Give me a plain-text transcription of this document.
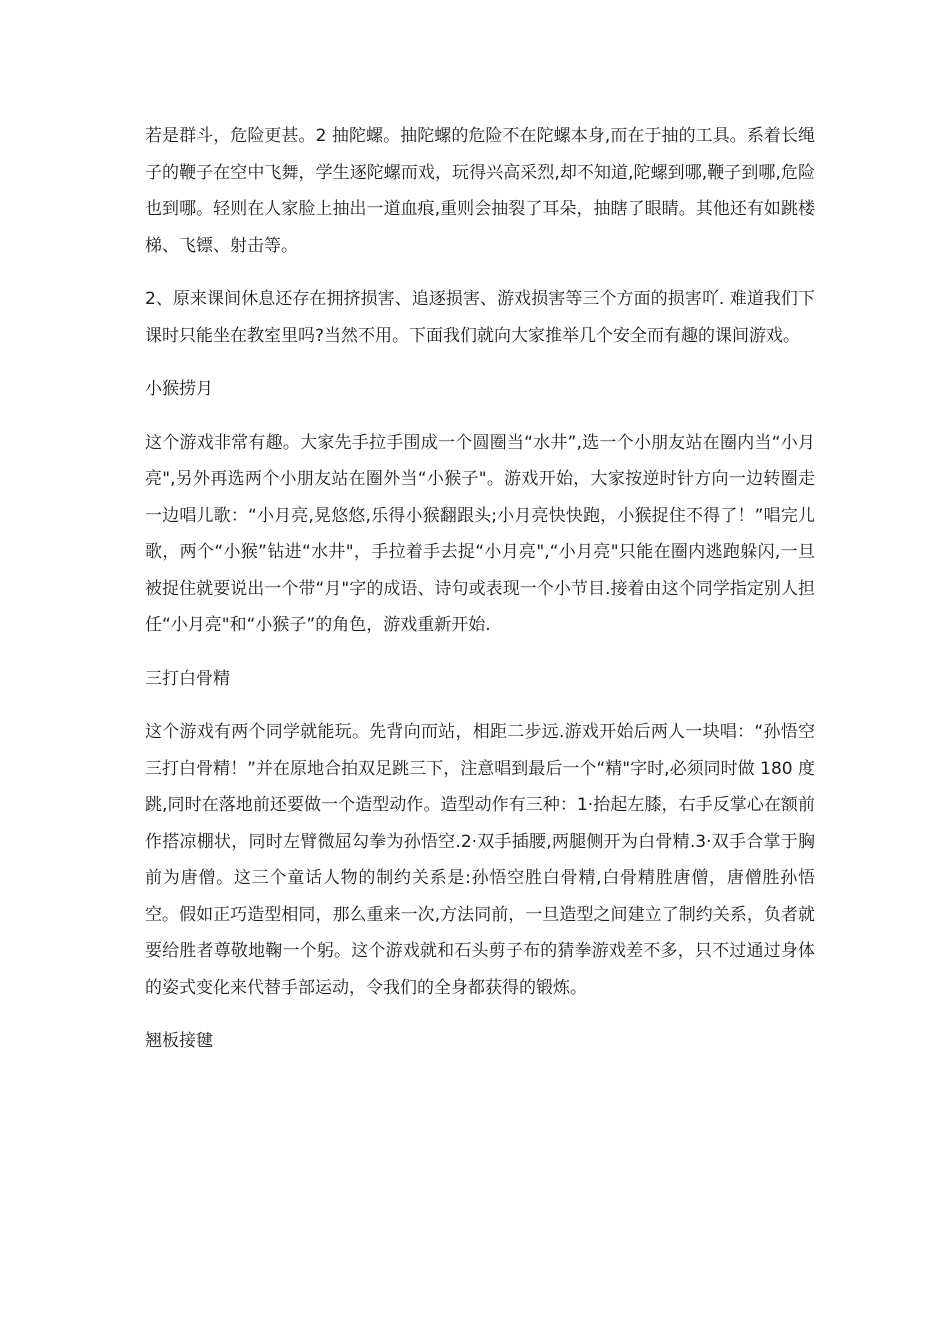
若是群斗，危险更甚。2 抽陀螺。抽陀螺的危险不在陀螺本身,而在于抽的工具。系着长绳子的鞭子在空中飞舞，学生逐陀螺而戏，玩得兴高采烈,却不知道,陀螺到哪,鞭子到哪,危险也到哪。轻则在人家脸上抽出一道血痕,重则会抽裂了耳朵，抽瞎了眼睛。其他还有如跳楼梯、飞镖、射击等。

2、原来课间休息还存在拥挤损害、追逐损害、游戏损害等三个方面的损害吖. 难道我们下课时只能坐在教室里吗?当然不用。下面我们就向大家推举几个安全而有趣的课间游戏。

小猴捞月

这个游戏非常有趣。大家先手拉手围成一个圆圈当“水井”,选一个小朋友站在圈内当“小月亮",另外再选两个小朋友站在圈外当“小猴子"。游戏开始，大家按逆时针方向一边转圈走一边唱儿歌：“小月亮,晃悠悠,乐得小猴翻跟头;小月亮快快跑，小猴捉住不得了！”唱完儿歌，两个“小猴”钻进“水井"，手拉着手去捉“小月亮",“小月亮"只能在圈内逃跑躲闪,一旦被捉住就要说出一个带“月"字的成语、诗句或表现一个小节目.接着由这个同学指定别人担任“小月亮"和“小猴子”的角色，游戏重新开始.

三打白骨精

这个游戏有两个同学就能玩。先背向而站，相距二步远.游戏开始后两人一块唱：“孙悟空三打白骨精！”并在原地合拍双足跳三下，注意唱到最后一个“精"字时,必须同时做 180 度跳,同时在落地前还要做一个造型动作。造型动作有三种：1·抬起左膝，右手反掌心在额前作搭凉棚状，同时左臂微屈勾拳为孙悟空.2·双手插腰,两腿侧开为白骨精.3·双手合掌于胸前为唐僧。这三个童话人物的制约关系是:孙悟空胜白骨精,白骨精胜唐僧，唐僧胜孙悟空。假如正巧造型相同，那么重来一次,方法同前，一旦造型之间建立了制约关系，负者就要给胜者尊敬地鞠一个躬。这个游戏就和石头剪子布的猜拳游戏差不多，只不过通过身体的姿式变化来代替手部运动，令我们的全身都获得的锻炼。

翘板接毽
